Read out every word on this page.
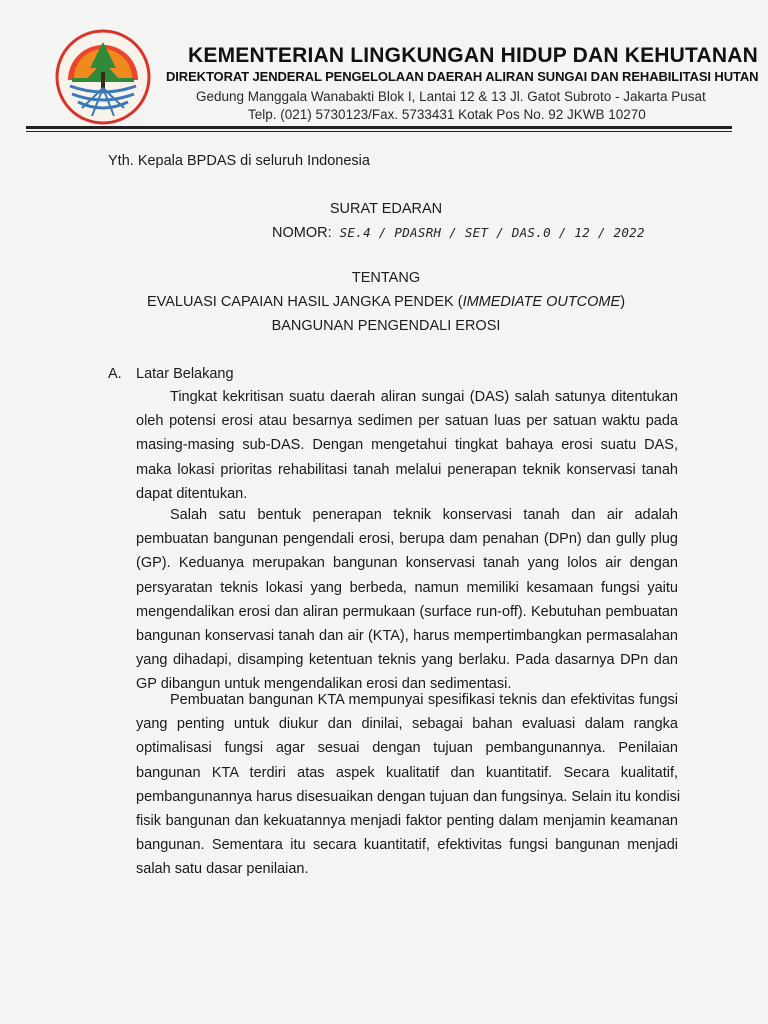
KEMENTERIAN LINGKUNGAN HIDUP DAN KEHUTANAN
DIREKTORAT JENDERAL PENGELOLAAN DAERAH ALIRAN SUNGAI DAN REHABILITASI HUTAN
Gedung Manggala Wanabakti Blok I, Lantai 12 & 13 Jl. Gatot Subroto - Jakarta Pusat
Telp. (021) 5730123/Fax. 5733431 Kotak Pos No. 92 JKWB 10270
Yth. Kepala BPDAS di seluruh Indonesia
SURAT EDARAN
NOMOR: SE.4 / PDASRH / SET / DAS.0 / 12 / 2022
TENTANG
EVALUASI CAPAIAN HASIL JANGKA PENDEK (IMMEDIATE OUTCOME)
BANGUNAN PENGENDALI EROSI
A. Latar Belakang
Tingkat kekritisan suatu daerah aliran sungai (DAS) salah satunya ditentukan
oleh potensi erosi atau besarnya sedimen per satuan luas per satuan waktu pada
masing-masing sub-DAS. Dengan mengetahui tingkat bahaya erosi suatu DAS,
maka lokasi prioritas rehabilitasi tanah melalui penerapan teknik konservasi tanah
dapat ditentukan.
Salah satu bentuk penerapan teknik konservasi tanah dan air adalah
pembuatan bangunan pengendali erosi, berupa dam penahan (DPn) dan gully plug
(GP). Keduanya merupakan bangunan konservasi tanah yang lolos air dengan
persyaratan teknis lokasi yang berbeda, namun memiliki kesamaan fungsi yaitu
mengendalikan erosi dan aliran permukaan (surface run-off). Kebutuhan pembuatan
bangunan konservasi tanah dan air (KTA), harus mempertimbangkan permasalahan
yang dihadapi, disamping ketentuan teknis yang berlaku. Pada dasarnya DPn dan
GP dibangun untuk mengendalikan erosi dan sedimentasi.
Pembuatan bangunan KTA mempunyai spesifikasi teknis dan efektivitas fungsi
yang penting untuk diukur dan dinilai, sebagai bahan evaluasi dalam rangka
optimalisasi fungsi agar sesuai dengan tujuan pembangunannya. Penilaian
bangunan KTA terdiri atas aspek kualitatif dan kuantitatif. Secara kualitatif,
pembangunannya harus disesuaikan dengan tujuan dan fungsinya. Selain itu kondisi
fisik bangunan dan kekuatannya menjadi faktor penting dalam menjamin keamanan
bangunan. Sementara itu secara kuantitatif, efektivitas fungsi bangunan menjadi
salah satu dasar penilaian.
